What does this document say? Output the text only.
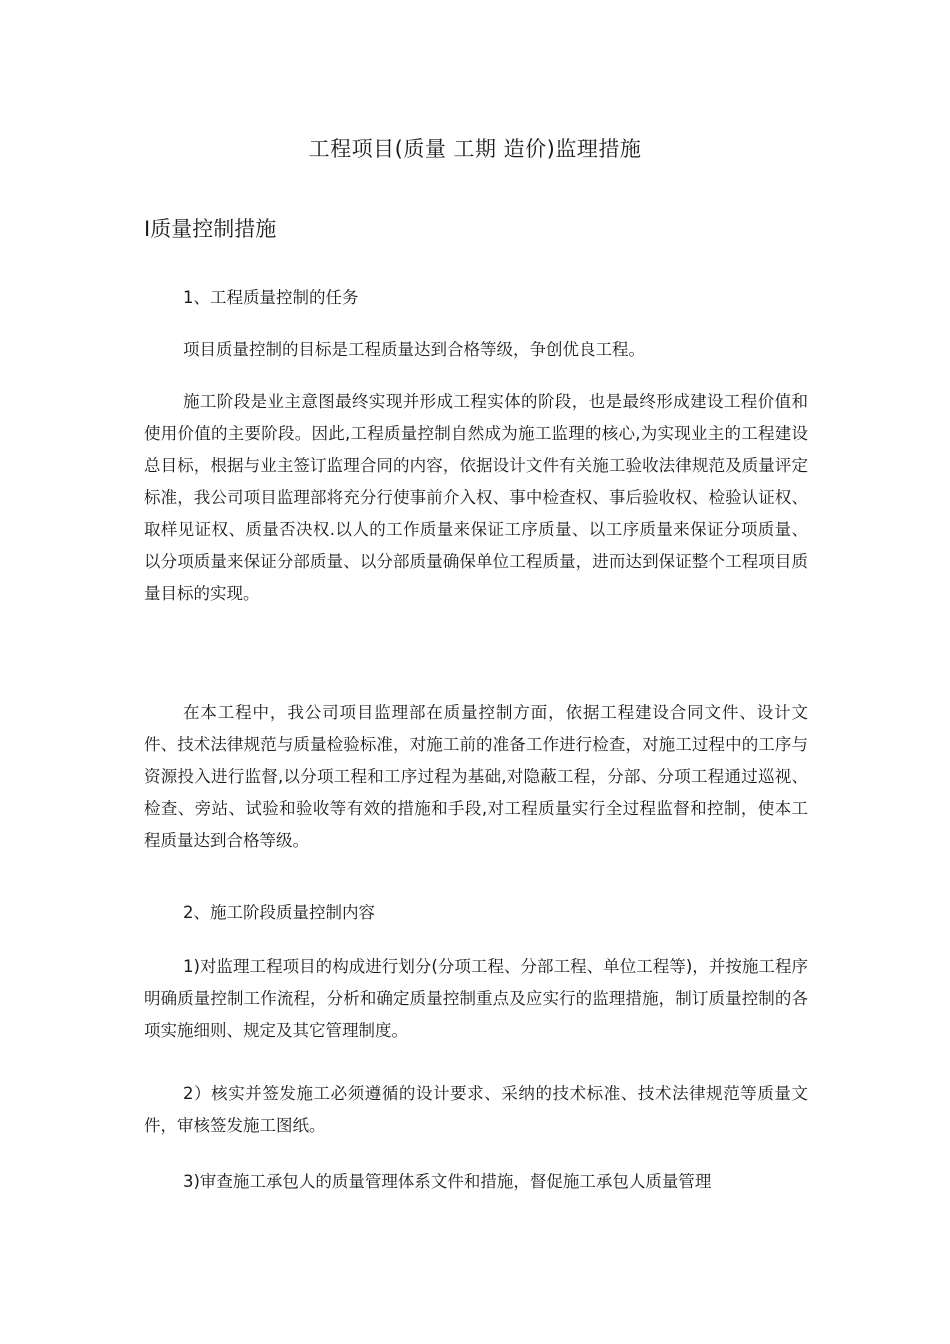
工程项目(质量 工期 造价)监理措施
I质量控制措施
1、工程质量控制的任务

项目质量控制的目标是工程质量达到合格等级，争创优良工程。

施工阶段是业主意图最终实现并形成工程实体的阶段，也是最终形成建设工程价值和使用价值的主要阶段。因此,工程质量控制自然成为施工监理的核心,为实现业主的工程建设总目标，根据与业主签订监理合同的内容，依据设计文件有关施工验收法律规范及质量评定标准，我公司项目监理部将充分行使事前介入权、事中检查权、事后验收权、检验认证权、取样见证权、质量否决权.以人的工作质量来保证工序质量、以工序质量来保证分项质量、以分项质量来保证分部质量、以分部质量确保单位工程质量，进而达到保证整个工程项目质量目标的实现。

在本工程中，我公司项目监理部在质量控制方面，依据工程建设合同文件、设计文件、技术法律规范与质量检验标准，对施工前的准备工作进行检查，对施工过程中的工序与资源投入进行监督,以分项工程和工序过程为基础,对隐蔽工程，分部、分项工程通过巡视、检查、旁站、试验和验收等有效的措施和手段,对工程质量实行全过程监督和控制，使本工程质量达到合格等级。

2、施工阶段质量控制内容

1)对监理工程项目的构成进行划分(分项工程、分部工程、单位工程等)，并按施工程序明确质量控制工作流程，分析和确定质量控制重点及应实行的监理措施，制订质量控制的各项实施细则、规定及其它管理制度。

2）核实并签发施工必须遵循的设计要求、采纳的技术标准、技术法律规范等质量文件，审核签发施工图纸。

3)审查施工承包人的质量管理体系文件和措施，督促施工承包人质量管理
